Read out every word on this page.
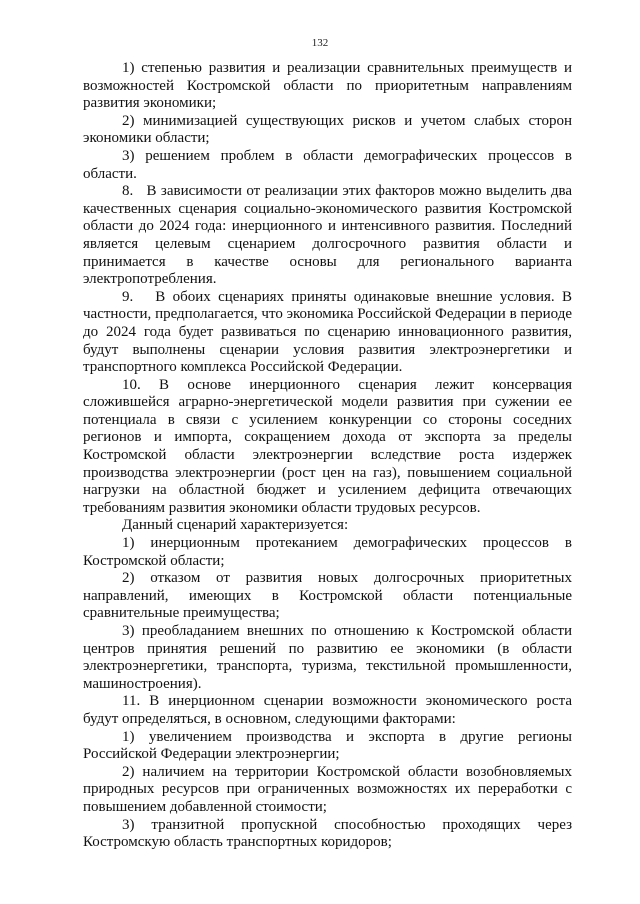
132

1) степенью развития и реализации сравнительных преимуществ и возможностей Костромской области по приоритетным направлениям развития экономики;

2) минимизацией существующих рисков и учетом слабых сторон экономики области;

3) решением проблем в области демографических процессов в области.

8.   В зависимости от реализации этих факторов можно выделить два качественных сценария социально-экономического развития Костромской области до 2024 года: инерционного и интенсивного развития. Последний является целевым сценарием долгосрочного развития области и принимается в качестве основы для регионального варианта электропотребления.

9.   В обоих сценариях приняты одинаковые внешние условия. В частности, предполагается, что экономика Российской Федерации в периоде до 2024 года будет развиваться по сценарию инновационного развития, будут выполнены сценарии условия развития электроэнергетики и транспортного комплекса Российской Федерации.

10. В основе инерционного сценария лежит консервация сложившейся аграрно-энергетической модели развития при сужении ее потенциала в связи с усилением конкуренции со стороны соседних регионов и импорта, сокращением дохода от экспорта за пределы Костромской области электроэнергии вследствие роста издержек производства электроэнергии (рост цен на газ), повышением социальной нагрузки на областной бюджет и усилением дефицита отвечающих требованиям развития экономики области трудовых ресурсов.

Данный сценарий характеризуется:

1) инерционным протеканием демографических процессов в Костромской области;

2) отказом от развития новых долгосрочных приоритетных направлений, имеющих в Костромской области потенциальные сравнительные преимущества;

3) преобладанием внешних по отношению к Костромской области центров принятия решений по развитию ее экономики (в области электроэнергетики, транспорта, туризма, текстильной промышленности, машиностроения).

11. В инерционном сценарии возможности экономического роста будут определяться, в основном, следующими факторами:

1) увеличением производства и экспорта в другие регионы Российской Федерации электроэнергии;

2) наличием на территории Костромской области возобновляемых природных ресурсов при ограниченных возможностях их переработки с повышением добавленной стоимости;

3) транзитной пропускной способностью проходящих через Костромскую область транспортных коридоров;
